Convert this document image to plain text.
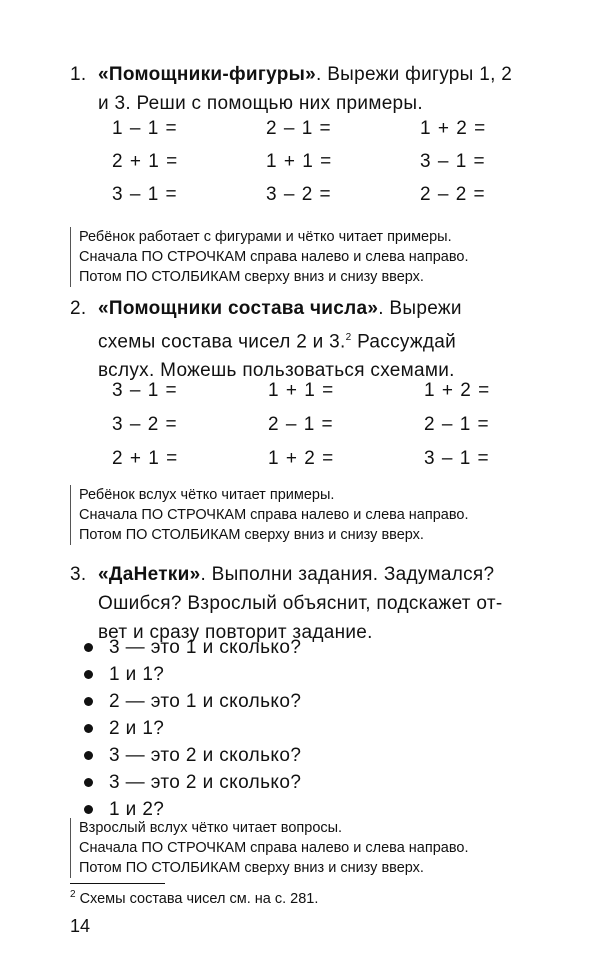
1. «Помощники-фигуры». Вырежи фигуры 1, 2
и 3. Реши с помощью них примеры.
1 – 1 =	2 – 1 =	1 + 2 =
2 + 1 =	1 + 1 =	3 – 1 =
3 – 1 =	3 – 2 =	2 – 2 =
Ребёнок работает с фигурами и чётко читает примеры.
Сначала ПО СТРОЧКАМ справа налево и слева направо.
Потом ПО СТОЛБИКАМ сверху вниз и снизу вверх.
2. «Помощники состава числа». Вырежи
схемы состава чисел 2 и 3.$^2$ Рассуждай
вслух. Можешь пользоваться схемами.
3 – 1 =	1 + 1 =	1 + 2 =
3 – 2 =	2 – 1 =	2 – 1 =
2 + 1 =	1 + 2 =	3 – 1 =
Ребёнок вслух чётко читает примеры.
Сначала ПО СТРОЧКАМ справа налево и слева направо.
Потом ПО СТОЛБИКАМ сверху вниз и снизу вверх.
3. «ДаНетки». Выполни задания. Задумался?
Ошибся? Взрослый объяснит, подскажет от-
вет и сразу повторит задание.
3 — это 1 и сколько?
1 и 1?
2 — это 1 и сколько?
2 и 1?
3 — это 2 и сколько?
3 — это 2 и сколько?
1 и 2?
Взрослый вслух чётко читает вопросы.
Сначала ПО СТРОЧКАМ справа налево и слева направо.
Потом ПО СТОЛБИКАМ сверху вниз и снизу вверх.
$^2$ Схемы состава чисел см. на с. 281.
14
